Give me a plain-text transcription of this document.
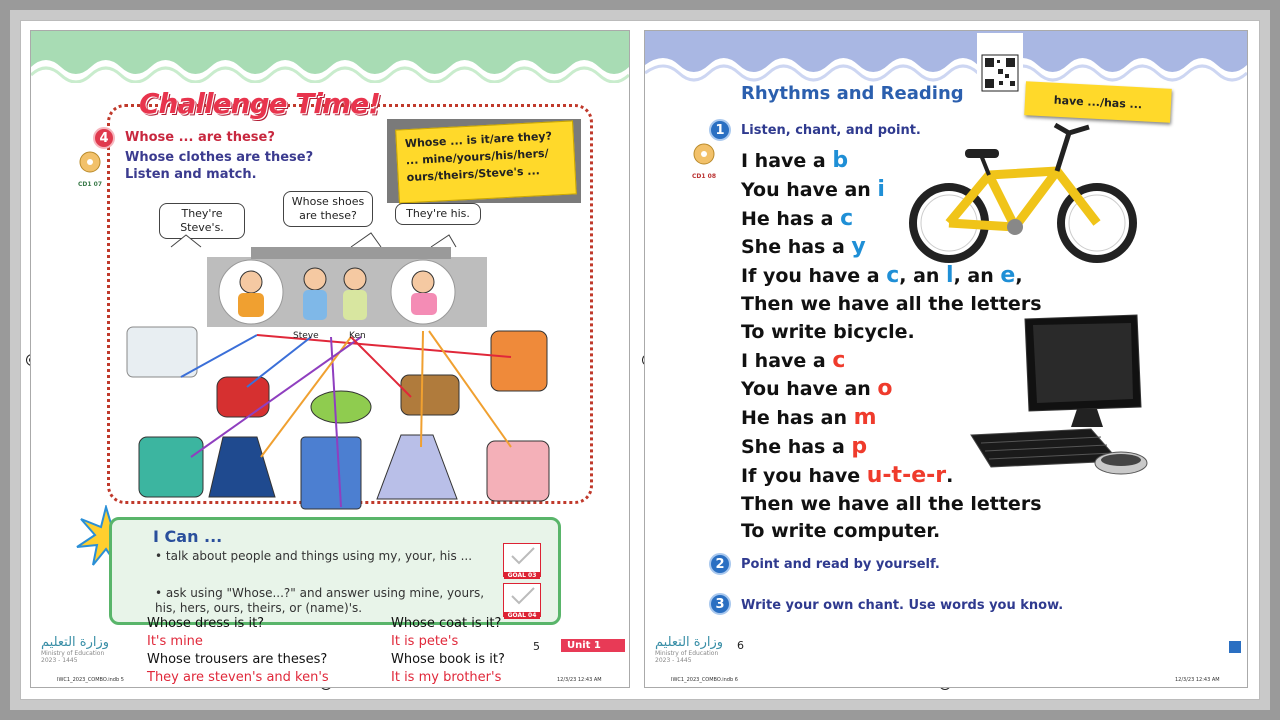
Challenge Time!
4	Whose ... are these?
Whose clothes are these?
Listen and match.
CD1 07
Whose ... is it/are they?
... mine/yours/his/hers/
ours/theirs/Steve's ...
They're Steve's.
Whose shoes are these?	They're his.
Steve	Ken
I Can ...
• talk about people and things using my, your, his ...
• ask using "Whose...?" and answer using mine, yours, his, hers, ours, theirs, or (name)'s.
GOAL 03
GOAL 04
Whose dress is it?
It's mine
Whose trousers are theses?
They are steven's and ken's
Whose coat is it?
It is pete's
Whose book is it?
It is my brother's
وزارة التعليم
Ministry of Education
2023 - 1445
5	Unit 1
IWC1_2023_COMBO.indb 5	12/3/23 12:43 AM
Rhythms and Reading	have .../has ...
1	Listen, chant, and point.
CD1 08
I have a b
You have an i
He has a c
She has a y
If you have a c, an l, an e,
Then we have all the letters
To write bicycle.
I have a c
You have an o
He has an m
She has a p
If you have u-t-e-r.
Then we have all the letters
To write computer.
2	Point and read by yourself.
3	Write your own chant. Use words you know.
وزارة التعليم
Ministry of Education
2023 - 1445
6
IWC1_2023_COMBO.indb 6	12/3/23 12:43 AM
